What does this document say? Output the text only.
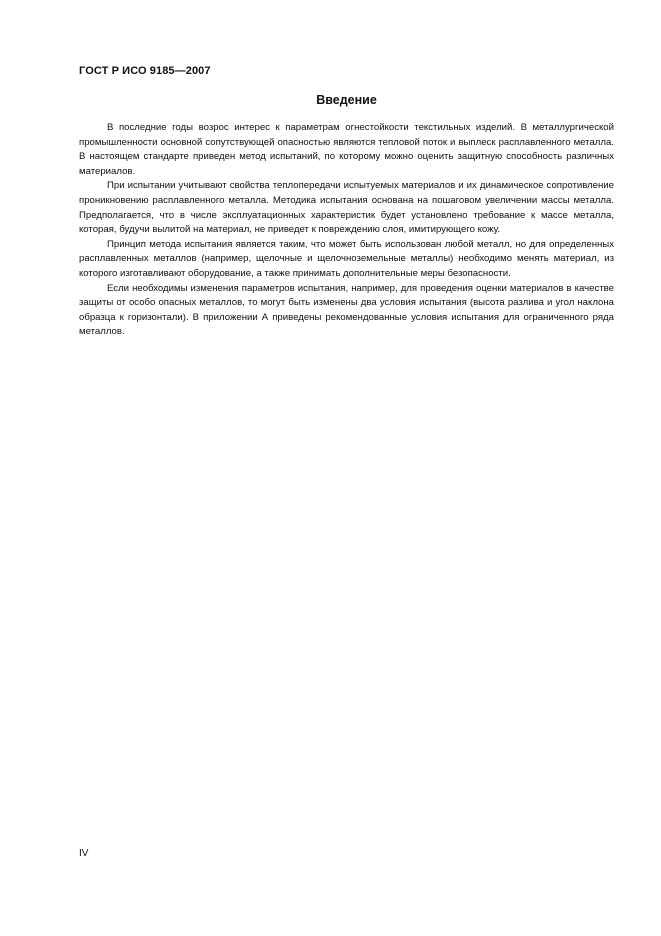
ГОСТ Р ИСО 9185—2007
Введение

В последние годы возрос интерес к параметрам огнестойкости текстильных изделий. В металлургической промышленности основной сопутствующей опасностью являются тепловой поток и выплеск расплавленного металла. В настоящем стандарте приведен метод испытаний, по которому можно оценить защитную способность различных материалов.

При испытании учитывают свойства теплопередачи испытуемых материалов и их динамическое сопротивление проникновению расплавленного металла. Методика испытания основана на пошаговом увеличении массы металла. Предполагается, что в числе эксплуатационных характеристик будет установлено требование к массе металла, которая, будучи вылитой на материал, не приведет к повреждению слоя, имитирующего кожу.

Принцип метода испытания является таким, что может быть использован любой металл, но для определенных расплавленных металлов (например, щелочные и щелочноземельные металлы) необходимо менять материал, из которого изготавливают оборудование, а также принимать дополнительные меры безопасности.

Если необходимы изменения параметров испытания, например, для проведения оценки материалов в качестве защиты от особо опасных металлов, то могут быть изменены два условия испытания (высота разлива и угол наклона образца к горизонтали). В приложении А приведены рекомендованные условия испытания для ограниченного ряда металлов.

IV
